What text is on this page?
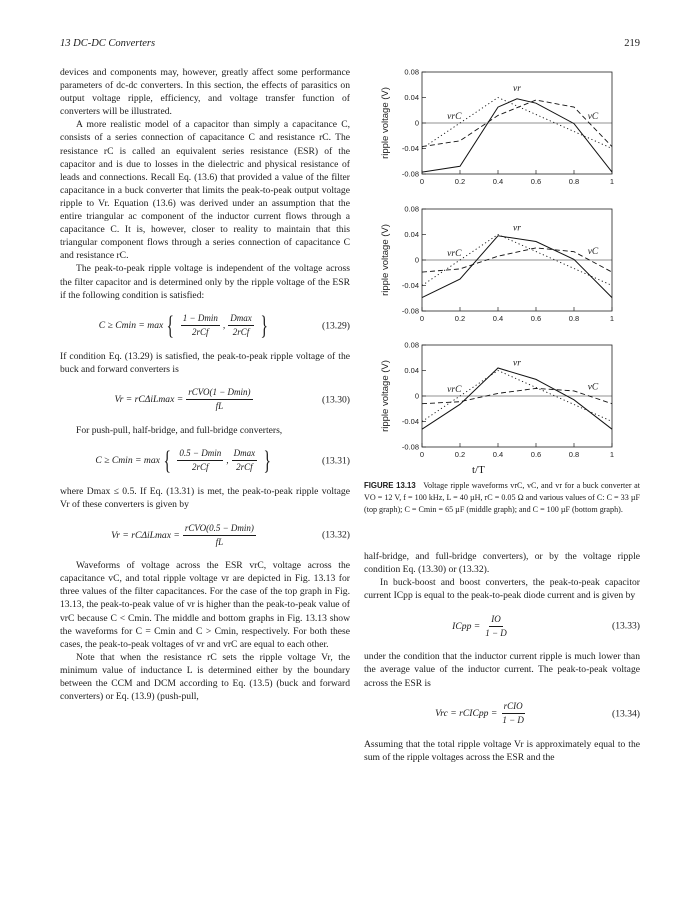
13 DC-DC Converters	219

devices and components may, however, greatly affect some performance parameters of dc-dc converters. In this section, the effects of parasitics on output voltage ripple, efficiency, and voltage transfer function of converters will be illustrated.

A more realistic model of a capacitor than simply a capacitance C, consists of a series connection of capacitance C and resistance rC. The resistance rC is called an equivalent series resistance (ESR) of the capacitor and is due to losses in the dielectric and physical resistance of leads and connections. Recall Eq. (13.6) that provided a value of the filter capacitance in a buck converter that limits the peak-to-peak output voltage ripple to Vr. Equation (13.6) was derived under an assumption that the entire triangular ac component of the inductor current flows through a capacitance C. It is, however, closer to reality to maintain that this triangular component flows through a series connection of capacitance C and resistance rC.

The peak-to-peak ripple voltage is independent of the voltage across the filter capacitor and is determined only by the ripple voltage of the ESR if the following condition is satisfied:

C ≥ Cmin = max { $\frac{1 - Dmin}{\text{2rCf}}$ , $\frac{Dmax}{\text{2rCf}}$ }	(13.29)

If condition Eq. (13.29) is satisfied, the peak-to-peak ripple voltage of the buck and forward converters is

$Vr = rC\Delta iLmax = \frac{\text{rCVO(1 − Dmin)}}{fL}$	(13.30)

For push-pull, half-bridge, and full-bridge converters,

C ≥ Cmin = max { $\frac{0.5 - Dmin}{\text{2rCf}}$ , $\frac{Dmax}{\text{2rCf}}$ }	(13.31)

where Dmax ≤ 0.5. If Eq. (13.31) is met, the peak-to-peak ripple voltage Vr of these converters is given by

$Vr = rC\Delta iLmax = \frac{\text{rCVO(0.5 − Dmin)}}{fL}$	(13.32)

Waveforms of voltage across the ESR vrC, voltage across the capacitance vC, and total ripple voltage vr are depicted in Fig. 13.13 for three values of the filter capacitances. For the case of the top graph in Fig. 13.13, the peak-to-peak value of vr is higher than the peak-to-peak value of vrC because C < Cmin. The middle and bottom graphs in Fig. 13.13 show the waveforms for C = Cmin and C > Cmin, respectively. For both these cases, the peak-to-peak voltages of vr and vrC are equal to each other.

Note that when the resistance rC sets the ripple voltage Vr, the minimum value of inductance L is determined either by the boundary between the CCM and DCM according to Eq. (13.5) (buck and forward converters) or Eq. (13.9) (push-pull,

0.08
0.04
0
-0.04
-0.08
0	0.2	0.4	0.6	0.8	1
ripple voltage (V)	vrC	vC
vr
0.08
0.04
0
-0.04
-0.08
0	0.2	0.4	0.6	0.8	1
ripple voltage (V)	vrC	vC
vr
0.08
0.04
0
-0.04
-0.08
0	0.2	0.4	0.6	0.8	1
ripple voltage (V)	vrC	vC
vr
t/T
FIGURE 13.13 Voltage ripple waveforms vrC, vC, and vr for a buck converter at VO = 12 V, f = 100 kHz, L = 40 µH, rC = 0.05 Ω and various values of C: C = 33 µF (top graph); C = Cmin = 65 µF (middle graph); and C = 100 µF (bottom graph).

half-bridge, and full-bridge converters), or by the voltage ripple condition Eq. (13.30) or (13.32).

In buck-boost and boost converters, the peak-to-peak capacitor current ICpp is equal to the peak-to-peak diode current and is given by

ICpp = $\frac{IO}{1 - D}$	(13.33)

under the condition that the inductor current ripple is much lower than the average value of the inductor current. The peak-to-peak voltage across the ESR is

Vrc = rCICpp = $\frac{\text{rCIO}}{1 - D}$	(13.34)

Assuming that the total ripple voltage Vr is approximately equal to the sum of the ripple voltages across the ESR and the
